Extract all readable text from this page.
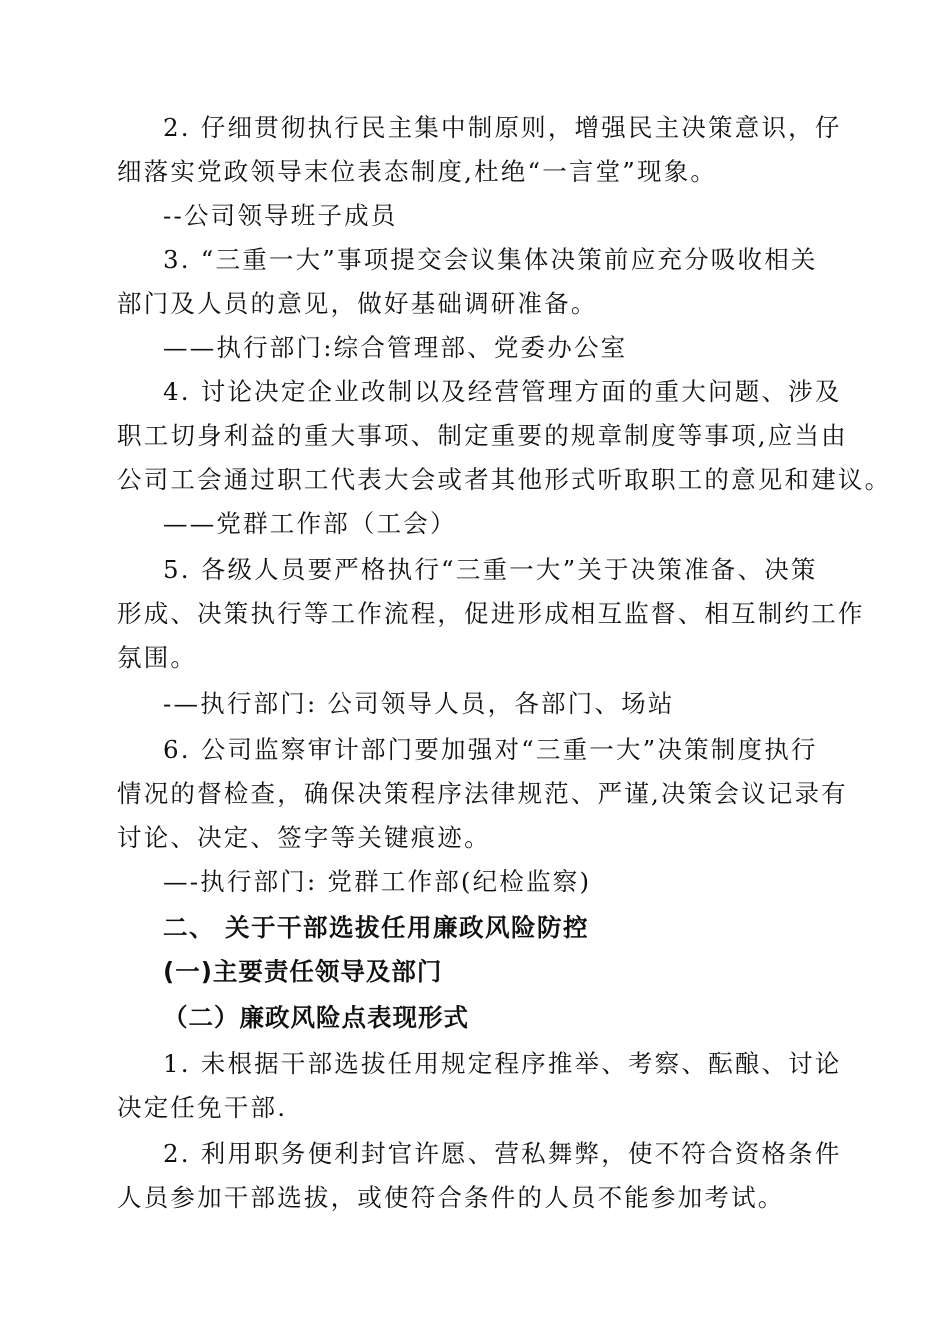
2. 仔细贯彻执行民主集中制原则，增强民主决策意识，仔
细落实党政领导末位表态制度,杜绝“一言堂”现象。
--公司领导班子成员
3. “三重一大”事项提交会议集体决策前应充分吸收相关
部门及人员的意见，做好基础调研准备。
——执行部门:综合管理部、党委办公室
4. 讨论决定企业改制以及经营管理方面的重大问题、涉及
职工切身利益的重大事项、制定重要的规章制度等事项,应当由
公司工会通过职工代表大会或者其他形式听取职工的意见和建议。
——党群工作部（工会）
5. 各级人员要严格执行“三重一大”关于决策准备、决策
形成、决策执行等工作流程，促进形成相互监督、相互制约工作
氛围。
-—执行部门: 公司领导人员，各部门、场站
6. 公司监察审计部门要加强对“三重一大”决策制度执行
情况的督检查，确保决策程序法律规范、严谨,决策会议记录有
讨论、决定、签字等关键痕迹。
—-执行部门: 党群工作部(纪检监察)
二、 关于干部选拔任用廉政风险防控
(一)主要责任领导及部门
（二）廉政风险点表现形式
1. 未根据干部选拔任用规定程序推举、考察、酝酿、讨论
决定任免干部.
2. 利用职务便利封官许愿、营私舞弊，使不符合资格条件
人员参加干部选拔，或使符合条件的人员不能参加考试。
